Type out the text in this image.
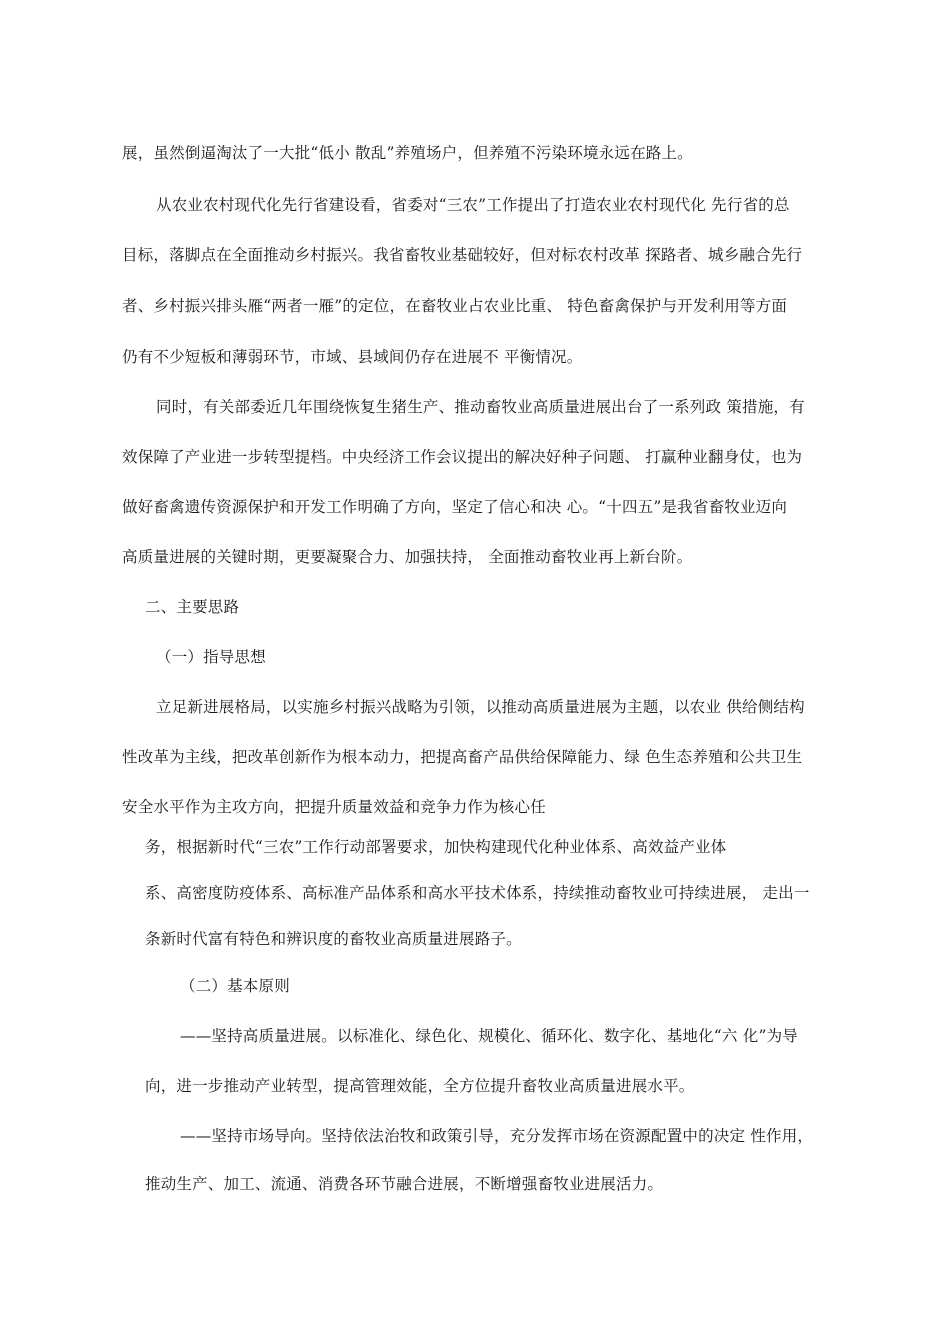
展，虽然倒逼淘汰了一大批“低小 散乱”养殖场户，但养殖不污染环境永远在路上。
从农业农村现代化先行省建设看，省委对“三农”工作提出了打造农业农村现代化 先行省的总
目标，落脚点在全面推动乡村振兴。我省畜牧业基础较好，但对标农村改革 探路者、城乡融合先行
者、乡村振兴排头雁“两者一雁”的定位，在畜牧业占农业比重、 特色畜禽保护与开发利用等方面
仍有不少短板和薄弱环节，市域、县域间仍存在进展不 平衡情况。
同时，有关部委近几年围绕恢复生猪生产、推动畜牧业高质量进展出台了一系列政 策措施，有
效保障了产业进一步转型提档。中央经济工作会议提出的解决好种子问题、 打赢种业翻身仗，也为
做好畜禽遗传资源保护和开发工作明确了方向，坚定了信心和决 心。“十四五”是我省畜牧业迈向
高质量进展的关键时期，更要凝聚合力、加强扶持， 全面推动畜牧业再上新台阶。
二、主要思路
（一）指导思想
立足新进展格局，以实施乡村振兴战略为引领，以推动高质量进展为主题，以农业 供给侧结构
性改革为主线，把改革创新作为根本动力，把提高畜产品供给保障能力、绿 色生态养殖和公共卫生
安全水平作为主攻方向，把提升质量效益和竞争力作为核心任
务，根据新时代“三农”工作行动部署要求，加快构建现代化种业体系、高效益产业体
系、高密度防疫体系、高标准产品体系和高水平技术体系，持续推动畜牧业可持续进展， 走出一
条新时代富有特色和辨识度的畜牧业高质量进展路子。
（二）基本原则
——坚持高质量进展。以标准化、绿色化、规模化、循环化、数字化、基地化“六 化”为导
向，进一步推动产业转型，提高管理效能，全方位提升畜牧业高质量进展水平。
——坚持市场导向。坚持依法治牧和政策引导，充分发挥市场在资源配置中的决定 性作用，
推动生产、加工、流通、消费各环节融合进展，不断增强畜牧业进展活力。
